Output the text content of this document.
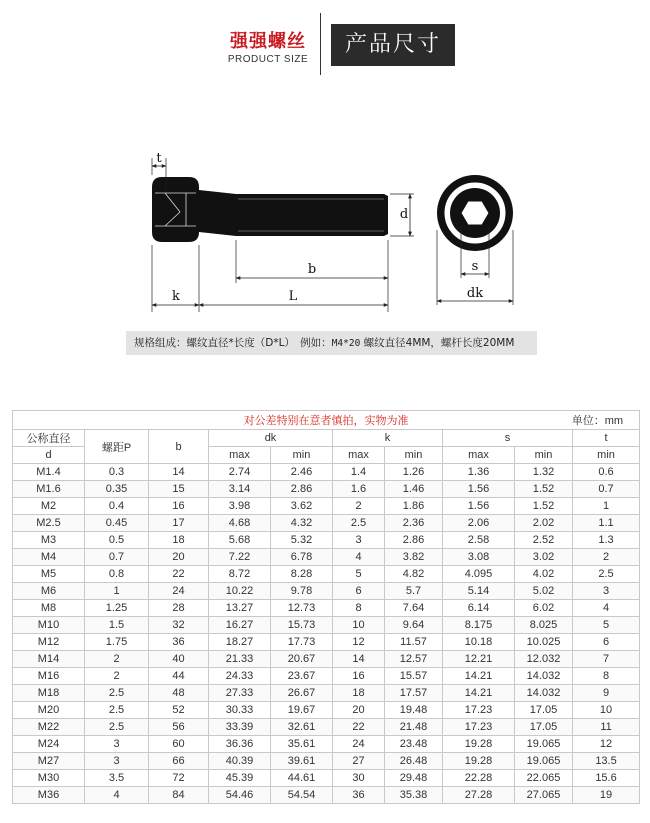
强强螺丝
PRODUCT SIZE
产品尺寸
t
d
b
k	L
s
dk
规格组成：螺纹直径*长度（D*L）　例如：M4*20 螺纹直径4MM，螺杆长度20MM
对公差特别在意者慎拍，实物为准 单位：mm									

公称直径	螺距P	b	dk		k		s		t
d			max	min	max	min	max	min	min
M1.4	0.3	14	2.74	2.46	1.4	1.26	1.36	1.32	0.6
M1.6	0.35	15	3.14	2.86	1.6	1.46	1.56	1.52	0.7
M2	0.4	16	3.98	3.62	2	1.86	1.56	1.52	1
M2.5	0.45	17	4.68	4.32	2.5	2.36	2.06	2.02	1.1
M3	0.5	18	5.68	5.32	3	2.86	2.58	2.52	1.3
M4	0.7	20	7.22	6.78	4	3.82	3.08	3.02	2
M5	0.8	22	8.72	8.28	5	4.82	4.095	4.02	2.5
M6	1	24	10.22	9.78	6	5.7	5.14	5.02	3
M8	1.25	28	13.27	12.73	8	7.64	6.14	6.02	4
M10	1.5	32	16.27	15.73	10	9.64	8.175	8.025	5
M12	1.75	36	18.27	17.73	12	11.57	10.18	10.025	6
M14	2	40	21.33	20.67	14	12.57	12.21	12.032	7
M16	2	44	24.33	23.67	16	15.57	14.21	14.032	8
M18	2.5	48	27.33	26.67	18	17.57	14.21	14.032	9
M20	2.5	52	30.33	19.67	20	19.48	17.23	17.05	10
M22	2.5	56	33.39	32.61	22	21.48	17.23	17.05	11
M24	3	60	36.36	35.61	24	23.48	19.28	19.065	12
M27	3	66	40.39	39.61	27	26.48	19.28	19.065	13.5
M30	3.5	72	45.39	44.61	30	29.48	22.28	22.065	15.6
M36	4	84	54.46	54.54	36	35.38	27.28	27.065	19
